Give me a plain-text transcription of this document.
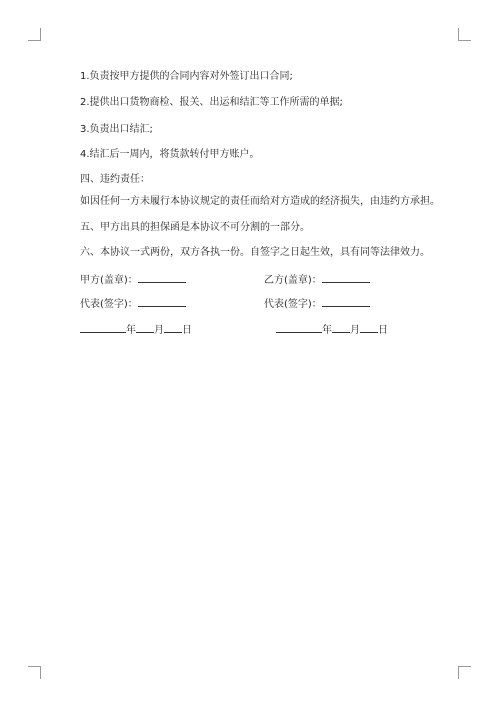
1.负责按甲方提供的合同内容对外签订出口合同;
2.提供出口货物商检、报关、出运和结汇等工作所需的单据;
3.负责出口结汇;
4.结汇后一周内，将货款转付甲方账户。
四、违约责任：
如因任何一方未履行本协议规定的责任而给对方造成的经济损失，由违约方承担。
五、甲方出具的担保函是本协议不可分割的一部分。
六、本协议一式两份，双方各执一份。自签字之日起生效，具有同等法律效力。
甲方(盖章)：	乙方(盖章)：
代表(签字)：	代表(签字)：
年 月 日	年 月 日
